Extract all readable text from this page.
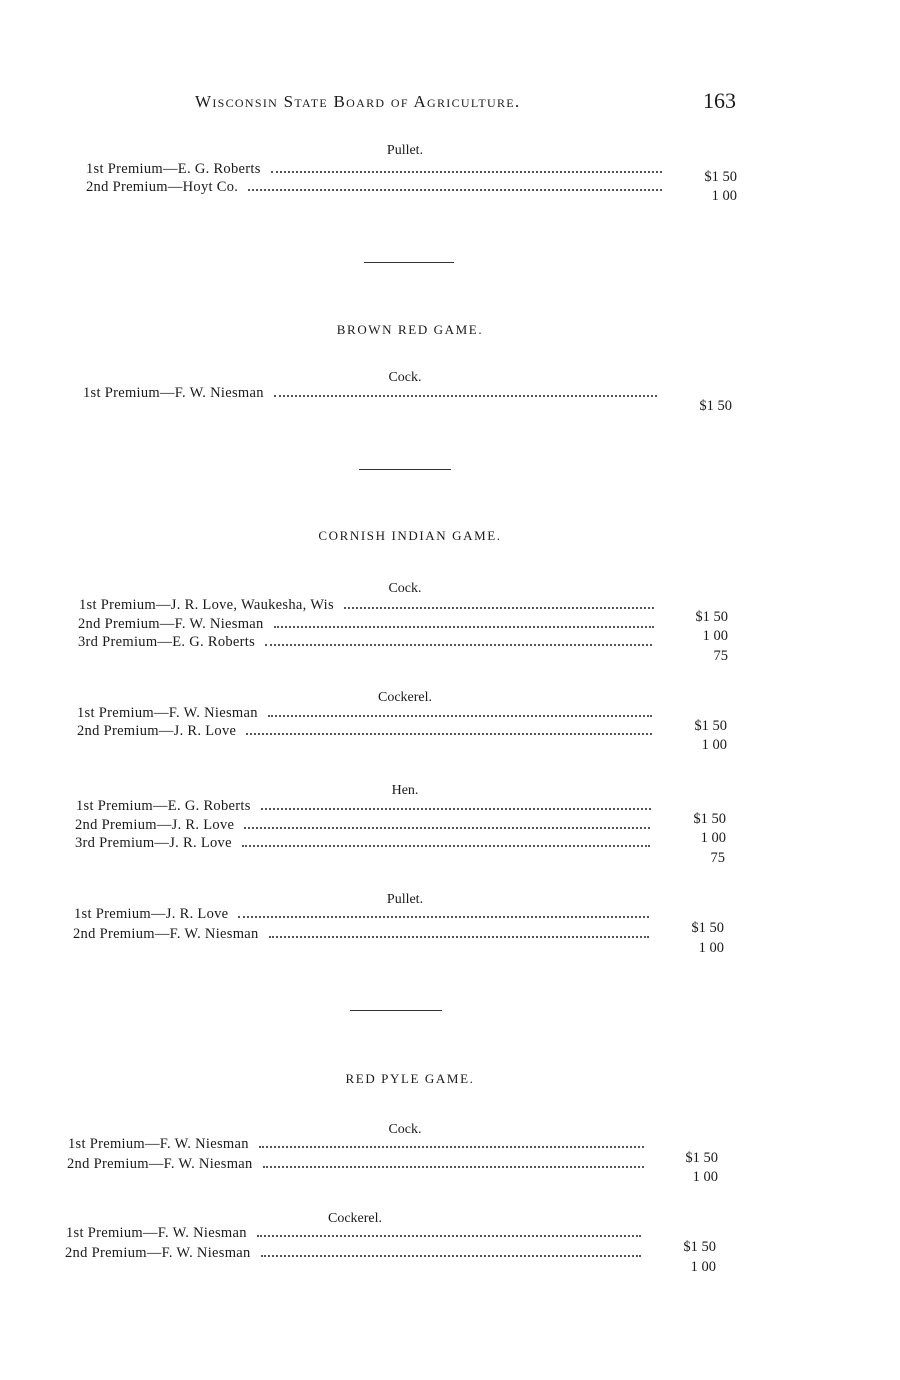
Wisconsin State Board of Agriculture.	163
Pullet.
1st Premium—E. G. Roberts	$1 50
2nd Premium—Hoyt Co.
1 00
BROWN RED GAME.
Cock.
1st Premium—F. W. Niesman
$1 50
CORNISH INDIAN GAME.
Cock.
1st Premium—J. R. Love, Waukesha, Wis
$1 50
2nd Premium—F. W. Niesman
1 00
3rd Premium—E. G. Roberts
75
Cockerel.
1st Premium—F. W. Niesman
$1 50
2nd Premium—J. R. Love
1 00
Hen.
1st Premium—E. G. Roberts
$1 50
2nd Premium—J. R. Love
1 00
3rd Premium—J. R. Love
75
Pullet.
1st Premium—J. R. Love
$1 50
2nd Premium—F. W. Niesman
1 00
RED PYLE GAME.
Cock.
1st Premium—F. W. Niesman
$1 50
2nd Premium—F. W. Niesman
1 00
Cockerel.
1st Premium—F. W. Niesman
$1 50
2nd Premium—F. W. Niesman
1 00
